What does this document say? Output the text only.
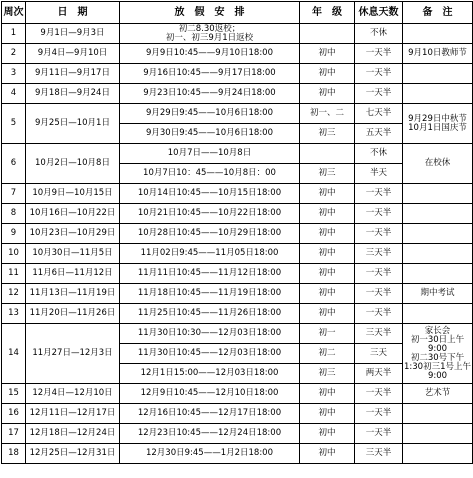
周次	日　期	放　假　安　排	年　级	休息天数	备　注
1	9月1日—9月3日	初二8.30返校；
初一、初三9月1日返校		不休	
2	9月4日—9月10日	9月9日10:45——9月10日18:00	初中	一天半	9月10日教师节
3	9月11日—9月17日	9月16日10:45——9月17日18:00	初中	一天半	
4	9月18日—9月24日	9月23日10:45——9月24日18:00	初中	一天半	
5	9月25日—10月1日	9月29日9:45——10月6日18:00	初一、二	七天半	9月29日中秋节
10月1日国庆节

		9月30日9:45——10月6日18:00	初三	五天半	
6	10月2日—10月8日	10月7日——10月8日		不休	在校休
		10月7日10：45——10月8日：00	初三	半天	
7	10月9日—10月15日	10月14日10:45——10月15日18:00	初中	一天半	
8	10月16日—10月22日	10月21日10:45——10月22日18:00	初中	一天半	
9	10月23日—10月29日	10月28日10:45——10月29日18:00	初中	一天半	
10	10月30日—11月5日	11月02日9:45——11月05日18:00	初中	三天半	
11	11月6日—11月12日	11月11日10:45——11月12日18:00	初中	一天半	
12	11月13日—11月19日	11月18日10:45——11月19日18:00	初中	一天半	期中考试
13	11月20日—11月26日	11月25日10:45——11月26日18:00	初中	一天半	
14	11月27日—12月3日	11月30日10:30——12月03日18:00	初一	三天半	家长会
初一30日上午9:00
初二30号下午1:30初三1号上午9:00

		11月30日10:45——12月03日18:00	初二	三天	
		12月1日15:00——12月03日18:00	初三	两天半	
15	12月4日—12月10日	12月9日10:45——12月10日18:00	初中	一天半	艺术节
16	12月11日—12月17日	12月16日10:45——12月17日18:00	初中	一天半	
17	12月18日—12月24日	12月23日10:45——12月24日18:00	初中	一天半	
18	12月25日—12月31日	12月30日9:45——1月2日18:00	初中	三天半	
